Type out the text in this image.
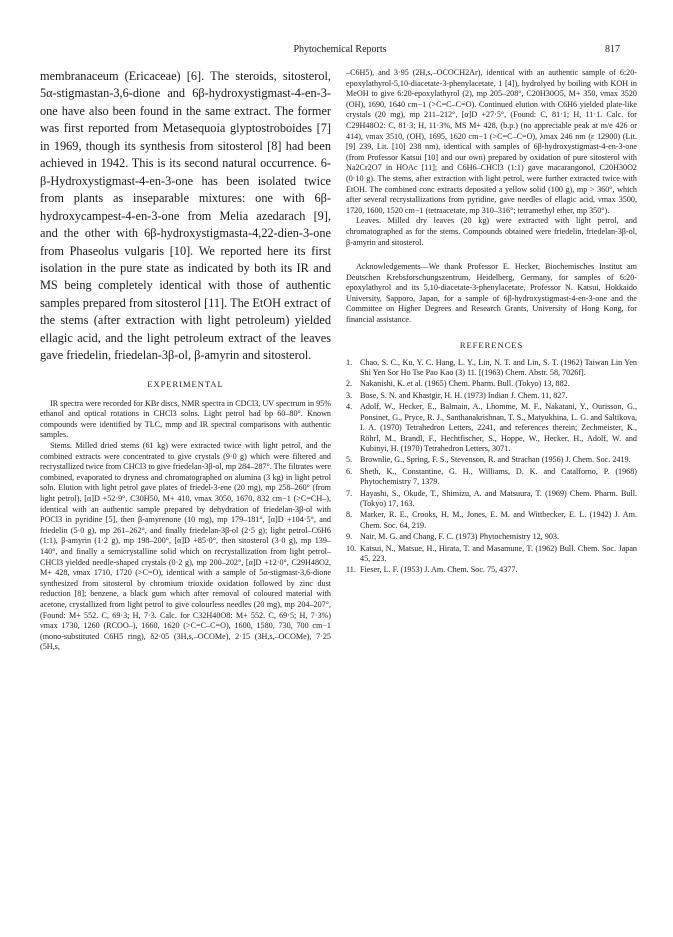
Phytochemical Reports	817

membranaceum (Ericaceae) [6]. The steroids, sitosterol, 5α-stigmastan-3,6-dione and 6β-hydroxystigmast-4-en-3-one have also been found in the same extract. The former was first reported from Metasequoia glyptostroboides [7] in 1969, though its synthesis from sitosterol [8] had been achieved in 1942. This is its second natural occurrence. 6-β-Hydroxystigmast-4-en-3-one has been isolated twice from plants as inseparable mixtures: one with 6β-hydroxycampest-4-en-3-one from Melia azedarach [9], and the other with 6β-hydroxystigmasta-4,22-dien-3-one from Phaseolus vulgaris [10]. We reported here its first isolation in the pure state as indicated by both its IR and MS being completely identical with those of authentic samples prepared from sitosterol [11]. The EtOH extract of the stems (after extraction with light petroleum) yielded ellagic acid, and the light petroleum extract of the leaves gave friedelin, friedelan-3β-ol, β-amyrin and sitosterol.

EXPERIMENTAL

IR spectra were recorded for KBr discs, NMR spectra in CDCl3, UV spectrum in 95% ethanol and optical rotations in CHCl3 solns. Light petrol had bp 60–80°. Known compounds were identified by TLC, mmp and IR spectral comparisons with authentic samples.

Stems. Milled dried stems (61 kg) were extracted twice with light petrol, and the combined extracts were concentrated to give crystals (9·0 g) which were filtered and recrystallized twice from CHCl3 to give friedelan-3β-ol, mp 284–287°. The filtrates were combined, evaporated to dryness and chromatographed on alumina (3 kg) in light petrol soln. Elution with light petrol gave plates of friedel-3-ene (20 mg), mp 258–260° (from light petrol), [α]D +52·9°, C30H50, M+ 410, νmax 3050, 1670, 832 cm−1 (>C=CH–), identical with an authentic sample prepared by dehydration of friedelan-3β-ol with POCl3 in pyridine [5], then β-amyrenone (10 mg), mp 179–181°, [α]D +104·5°, and friedelin (5·0 g), mp 261–262°, and finally friedelan-3β-ol (2·5 g); light petrol–C6H6 (1:1), β-amyrin (1·2 g), mp 198–200°, [α]D +85·0°, then sitosterol (3·0 g), mp 139–140°, and finally a semicrystalline solid which on recrystallization from light petrol–CHCl3 yielded needle-shaped crystals (0·2 g), mp 200–202°, [α]D +12·0°, C29H48O2, M+ 428, νmax 1710, 1720 (>C=O), identical with a sample of 5α-stigmast-3,6-dione synthesized from sitosterol by chromium trioxide oxidation followed by zinc dust reduction [8]; benzene, a black gum which after removal of coloured material with acetone, crystallized from light petrol to give colourless needles (20 mg), mp 204–207°, (Found: M+ 552. C, 69·3; H, 7·3. Calc. for C32H40O8: M+ 552. C, 69·5; H, 7·3%) νmax 1730, 1260 (RCOO–), 1660, 1620 (>C=C–C=O), 1600, 1580, 730, 700 cm−1 (mono-substituted C6H5 ring), δ2·05 (3H,s,–OCOMe), 2·15 (3H,s,–OCOMe), 7·25 (5H,s,

–C6H5), and 3·95 (2H,s,–OCOCH2Ar), identical with an authentic sample of 6:20-epoxylathyrol-5,10-diacetate-3-phenylacetate, 1 [4]), hydrolyed by boiling with KOH in MeOH to give 6:20-epoxylathyrol (2), mp 205–208°, C20H30O5, M+ 350, νmax 3520 (OH), 1690, 1640 cm−1 (>C=C–C=O). Continued elution with C6H6 yielded plate-like crystals (20 mg), mp 211–212°, [α]D +27·5°, (Found: C, 81·1; H, 11·1. Calc. for C29H48O2: C, 81·3; H, 11·3%, MS M+ 428, (b.p.) (no appreciable peak at m/e 426 or 414), νmax 3510, (OH), 1695, 1620 cm−1 (>C=C–C=O), λmax 246 nm (ε 12900) (Lit. [9] 239, Lit. [10] 238 nm), identical with samples of 6β-hydroxystigmast-4-en-3-one (from Professor Katsui [10] and our own) prepared by oxidation of pure sitosterol with Na2Cr2O7 in HOAc [11]; and C6H6–CHCl3 (1:1) gave macarangonol, C20H30O2 (0·10 g). The stems, after extraction with light petrol, were further extracted twice with EtOH. The combined conc extracts deposited a yellow solid (100 g), mp > 360°, which after several recrystallizations from pyridine, gave needles of ellagic acid, νmax 3500, 1720, 1600, 1520 cm−1 (tetraacetate, mp 310–316°; tetramethyl ether, mp 350°).

Leaves. Milled dry leaves (20 kg) were extracted with light petrol, and chromatographed as for the stems. Compounds obtained were friedelin, friedelan-3β-ol, β-amyrin and sitosterol.

Acknowledgements—We thank Professor E. Hecker, Biochemisches Institut am Deutschen Krebsforschungszentrum, Heidelberg, Germany, for samples of 6:20-epoxylathyrol and its 5,10-diacetate-3-phenylacetate, Professor N. Katsui, Hokkaido University, Sapporo, Japan, for a sample of 6β-hydroxystigmast-4-en-3-one and the Committee on Higher Degrees and Research Grants, University of Hong Kong, for financial assistance.

REFERENCES
1. Chao, S. C., Ku, Y. C. Hang, L. Y., Lin, N. T. and Lin, S. T. (1962) Taiwan Lin Yen Shi Yen Sor Ho Tse Pao Kao (3) 11. [(1963) Chem. Abstr. 58, 7026f].
2. Nakanishi, K. et al. (1965) Chem. Pharm. Bull. (Tokyo) 13, 882.
3. Bose, S. N. and Khastgir, H. H. (1973) Indian J. Chem. 11, 827.
4. Adolf, W., Hecker, E., Balmain, A., Lhomme, M. F., Nakatani, Y., Ourisson, G., Ponsinet, G., Pryce, R. J., Santhanakrishnan, T. S., Matyukhina, L. G. and Saltikova, I. A. (1970) Tetrahedron Letters, 2241, and references therein; Zechmeister, K., Röhrl, M., Brandl, F., Hechtfischer, S., Hoppe, W., Hecker, H., Adolf, W. and Kubinyi, H. (1970) Tetrahedron Letters, 3071.
5. Brownlie, G., Spring, F. S., Stevenson, R. and Strachan (1956) J. Chem. Soc. 2419.
6. Sheth, K., Constantine, G. H., Williams, D. K. and Catalforno, P. (1968) Phytochemistry 7, 1379.
7. Hayashi, S., Okude, T., Shimizu, A. and Matsuura, T. (1969) Chem. Pharm. Bull. (Tokyo) 17, 163.
8. Marker, R. E., Crooks, H. M., Jones, E. M. and Wittbecker, E. L. (1942) J. Am. Chem. Soc. 64, 219.
9. Nair, M. G. and Chang, F. C. (1973) Phytochemistry 12, 903.
10. Katsui, N., Matsue, H., Hirata, T. and Masamune, T. (1962) Bull. Chem. Soc. Japan 45, 223.
11. Fieser, L. F. (1953) J. Am. Chem. Soc. 75, 4377.
